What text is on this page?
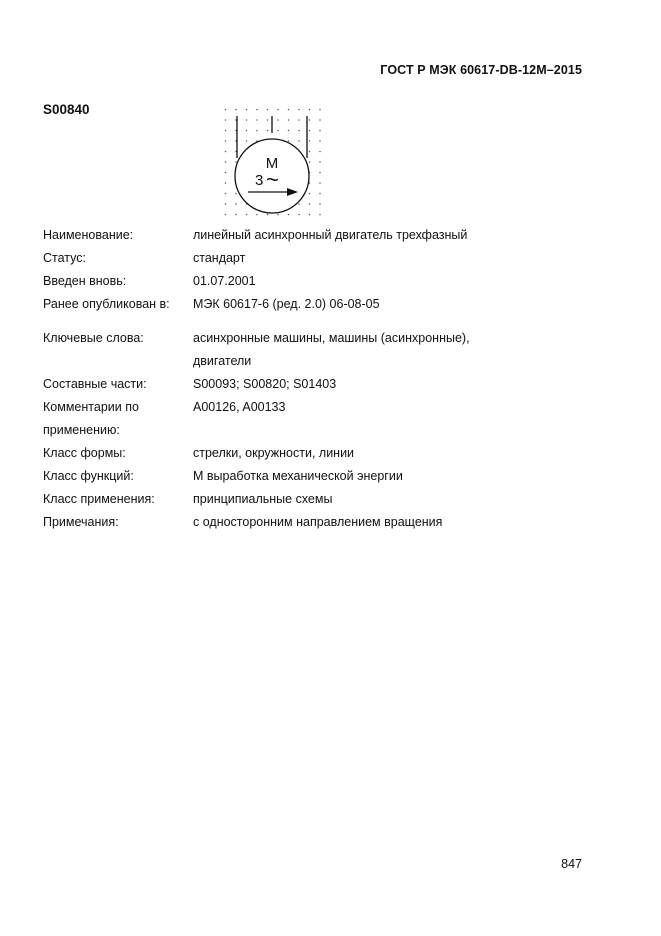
ГОСТ Р МЭК 60617-DB-12M–2015
S00840
M
3 ~
Наименование:	линейный асинхронный двигатель трехфазный
Статус:	стандарт
Введен вновь:	01.07.2001
Ранее опубликован в: МЭК 60617-6 (ред. 2.0) 06-08-05
Ключевые слова:	асинхронные машины, машины (асинхронные),
двигатели
Составные части:	S00093; S00820; S01403
Комментарии по	A00126, A00133
применению:
Класс формы:	стрелки, окружности, линии
Класс функций:	M выработка механической энергии
Класс применения:	принципиальные схемы
Примечания:	с односторонним направлением вращения
847
